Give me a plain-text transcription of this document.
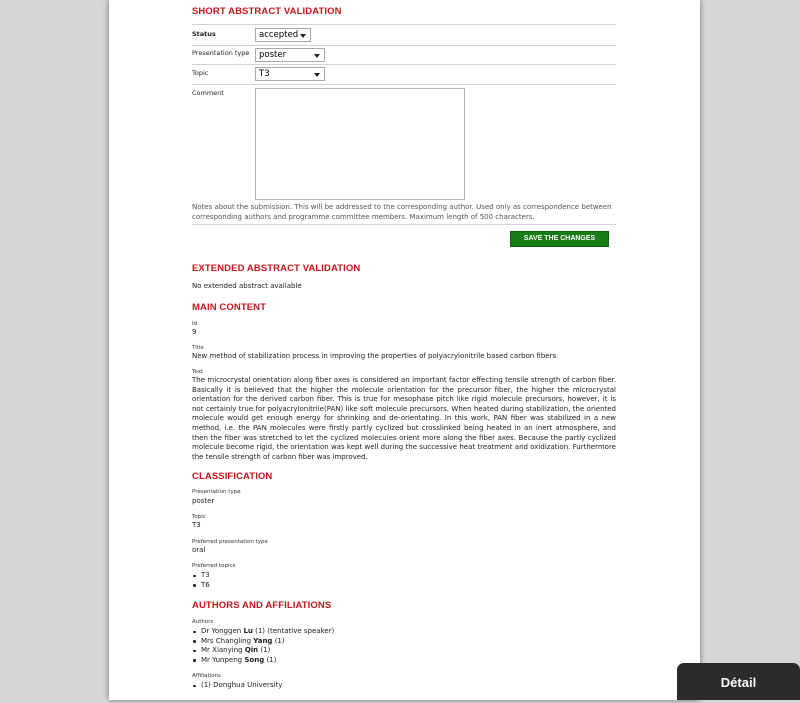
SHORT ABSTRACT VALIDATION
Status	accepted
Presentation type	poster
Topic	T3
Comment
Notes about the submission. This will be addressed to the corresponding author. Used only as correspondence between
corresponding authors and programme committee members. Maximum length of 500 characters.
SAVE THE CHANGES
EXTENDED ABSTRACT VALIDATION
No extended abstract available
MAIN CONTENT
Id
9
Title
New method of stabilization process in improving the properties of polyacrylonitrile based carbon fibers
Text
The microcrystal orientation along fiber axes is considered an important factor effecting tensile strength of carbon fiber. Basically it is believed that the higher the molecule orientation for the precursor fiber, the higher the microcrystal orientation for the derived carbon fiber. This is true for mesophase pitch like rigid molecule precursors, however, it is not certainly true for polyacrylonitrile(PAN) like soft molecule precursors. When heated during stabilization, the oriented molecule would get enough energy for shrinking and de-orientating. In this work, PAN fiber was stabilized in a new method, i.e. the PAN molecules were firstly partly cyclized but crosslinked being heated in an inert atmosphere, and then the fiber was stretched to let the cyclized molecules orient more along the fiber axes. Because the partly cyclized molecule become rigid, the orientation was kept well during the successive heat treatment and oxidization. Furthermore the tensile strength of carbon fiber was improved.
CLASSIFICATION
Presentation type
poster
Topic
T3
Preferred presentation type
oral
Preferred topics
T3
T6
AUTHORS AND AFFILIATIONS
Authors
Dr Yonggen Lu (1) (tentative speaker)
Mrs Changling Yang (1)
Mr Xianying Qin (1)
Mr Yunpeng Song (1)
Affiliations
(1) Donghua University	Détail
